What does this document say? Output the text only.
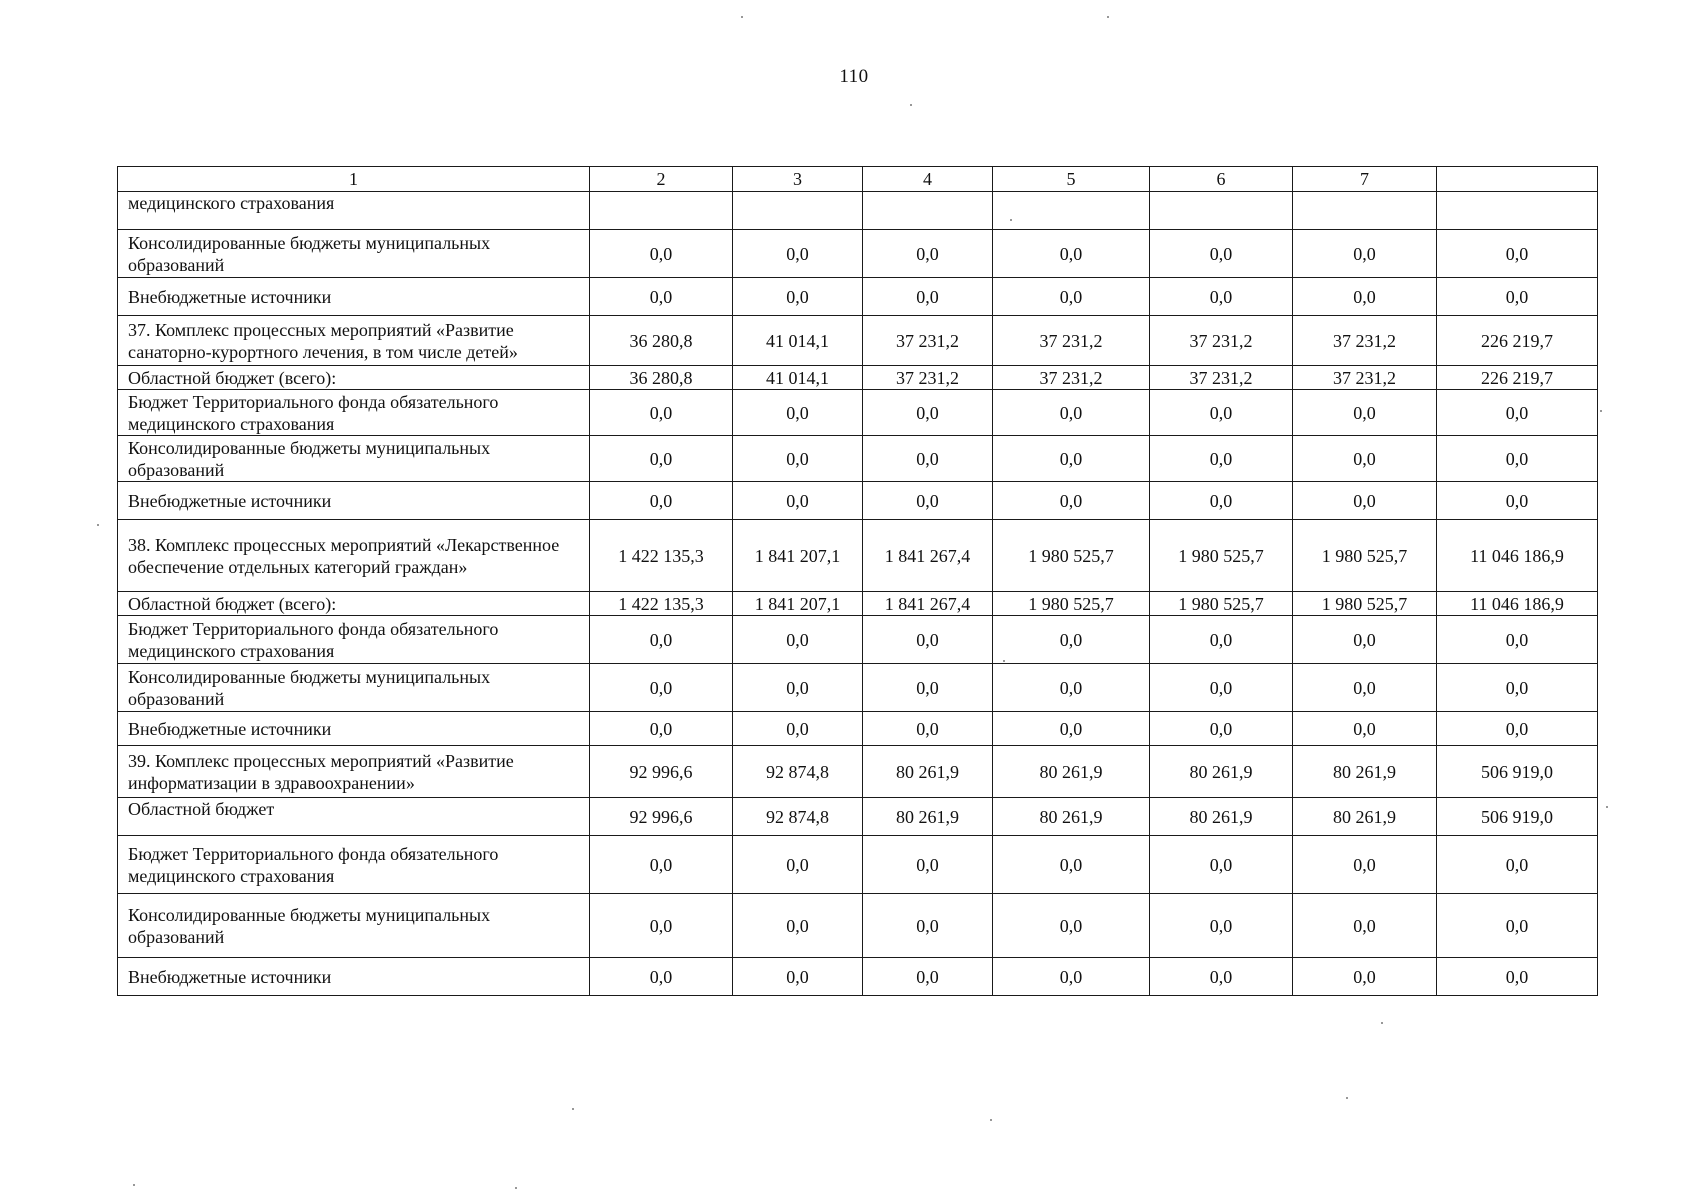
110
1	2	3	4	5	6	7	
медицинского страхования							
Консолидированные бюджеты муниципальных образований	0,0	0,0	0,0	0,0	0,0	0,0	0,0
Внебюджетные источники	0,0	0,0	0,0	0,0	0,0	0,0	0,0
37. Комплекс процессных мероприятий «Развитие санаторно-курортного лечения, в том числе детей»	36 280,8	41 014,1	37 231,2	37 231,2	37 231,2	37 231,2	226 219,7
Областной бюджет (всего):	36 280,8	41 014,1	37 231,2	37 231,2	37 231,2	37 231,2	226 219,7
Бюджет Территориального фонда обязательного медицинского страхования	0,0	0,0	0,0	0,0	0,0	0,0	0,0
Консолидированные бюджеты муниципальных образований	0,0	0,0	0,0	0,0	0,0	0,0	0,0
Внебюджетные источники	0,0	0,0	0,0	0,0	0,0	0,0	0,0
38. Комплекс процессных мероприятий «Лекарственное обеспечение отдельных категорий граждан»	1 422 135,3	1 841 207,1	1 841 267,4	1 980 525,7	1 980 525,7	1 980 525,7	11 046 186,9
Областной бюджет (всего):	1 422 135,3	1 841 207,1	1 841 267,4	1 980 525,7	1 980 525,7	1 980 525,7	11 046 186,9
Бюджет Территориального фонда обязательного медицинского страхования	0,0	0,0	0,0	0,0	0,0	0,0	0,0
Консолидированные бюджеты муниципальных образований	0,0	0,0	0,0	0,0	0,0	0,0	0,0
Внебюджетные источники	0,0	0,0	0,0	0,0	0,0	0,0	0,0
39. Комплекс процессных мероприятий «Развитие информатизации в здравоохранении»	92 996,6	92 874,8	80 261,9	80 261,9	80 261,9	80 261,9	506 919,0
Областной бюджет	92 996,6	92 874,8	80 261,9	80 261,9	80 261,9	80 261,9	506 919,0
Бюджет Территориального фонда обязательного медицинского страхования	0,0	0,0	0,0	0,0	0,0	0,0	0,0
Консолидированные бюджеты муниципальных образований	0,0	0,0	0,0	0,0	0,0	0,0	0,0
Внебюджетные источники	0,0	0,0	0,0	0,0	0,0	0,0	0,0
